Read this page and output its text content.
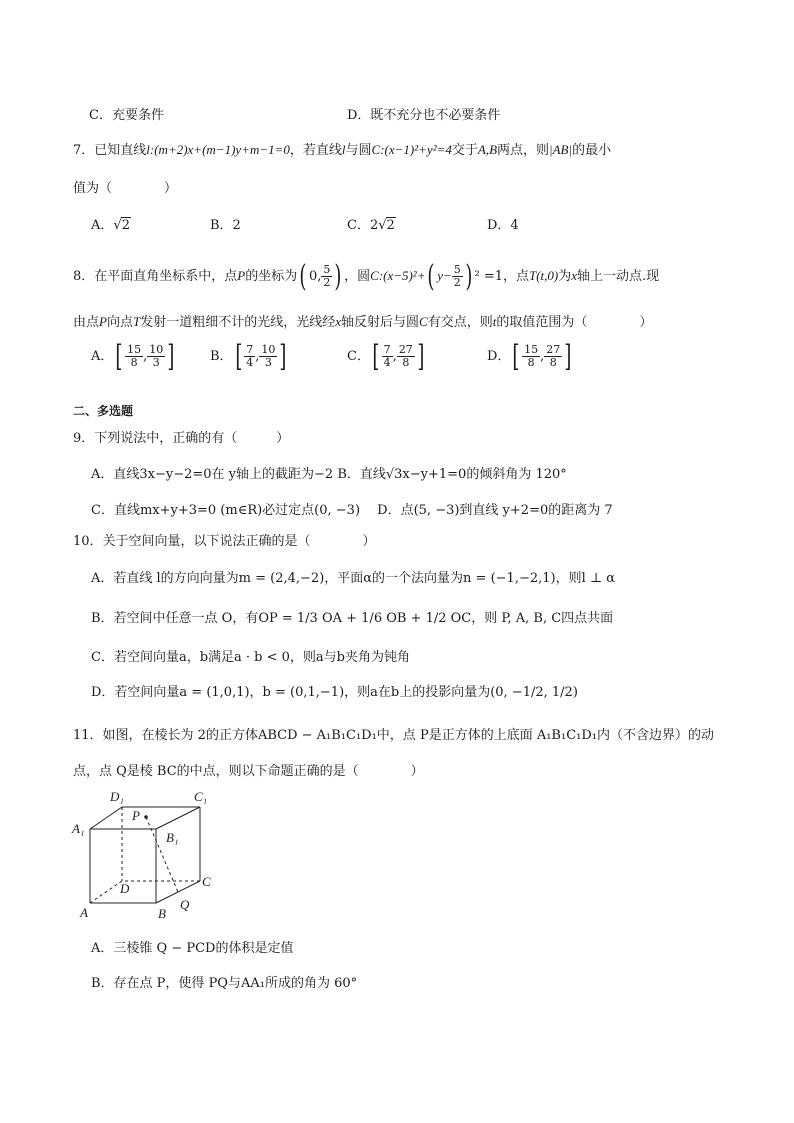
C．充要条件	D．既不充分也不必要条件
7．已知直线l:(m+2)x+(m−1)y+m−1=0，若直线l与圆C:(x−1)²+y²=4交于A,B两点，则|AB|的最小
值为（　　　　）
A．√2	B．2	C．2√2	D．4
8．在平面直角坐标系中，点P的坐标为( 0, $\frac{5}{2}$ ) ，圆C:(x−5)²+( $y- \frac{5}{2}$ ) ² =1，点T(t,0)为x轴上一动点.现
由点P向点T发射一道粗细不计的光线，光线经x轴反射后与圆C有交点，则t的取值范围为（　　　　）
A．[ $\frac{15}{8}$ , $\frac{10}{3}$ ]	B．[ $\frac{7}{4}$ , $\frac{10}{3}$ ]	C．[ $\frac{7}{4}$ , $\frac{27}{8}$ ]	D．[ $\frac{15}{8}$ , $\frac{27}{8}$ ]
二、多选题
9．下列说法中，正确的有（　　　）
A．直线3x−y−2=0在 y轴上的截距为−2 B．直线√3x−y+1=0的倾斜角为 120°
C．直线mx+y+3=0 (m∈R)必过定点(0, −3)　 D．点(5, −3)到直线 y+2=0的距离为 7
10．关于空间向量，以下说法正确的是（　　　　）
A．若直线 l的方向向量为m = (2,4,−2)，平面α的一个法向量为n = (−1,−2,1)，则l ⊥ α
B．若空间中任意一点 O，有OP = 1/3 OA + 1/6 OB + 1/2 OC，则 P, A, B, C四点共面
C．若空间向量a，b满足a · b < 0，则a与b夹角为钝角
D．若空间向量a = (1,0,1)，b = (0,1,−1)，则a在b上的投影向量为(0, −1/2, 1/2)
11．如图，在棱长为 2的正方体ABCD − A₁B₁C₁D₁中，点 P是正方体的上底面 A₁B₁C₁D₁内（不含边界）的动
点，点 Q是棱 BC的中点，则以下命题正确的是（　　　　）
D₁	C₁
A₁
B₁
P
D	C
A	B
Q
A．三棱锥 Q − PCD的体积是定值
B．存在点 P，使得 PQ与AA₁所成的角为 60°
